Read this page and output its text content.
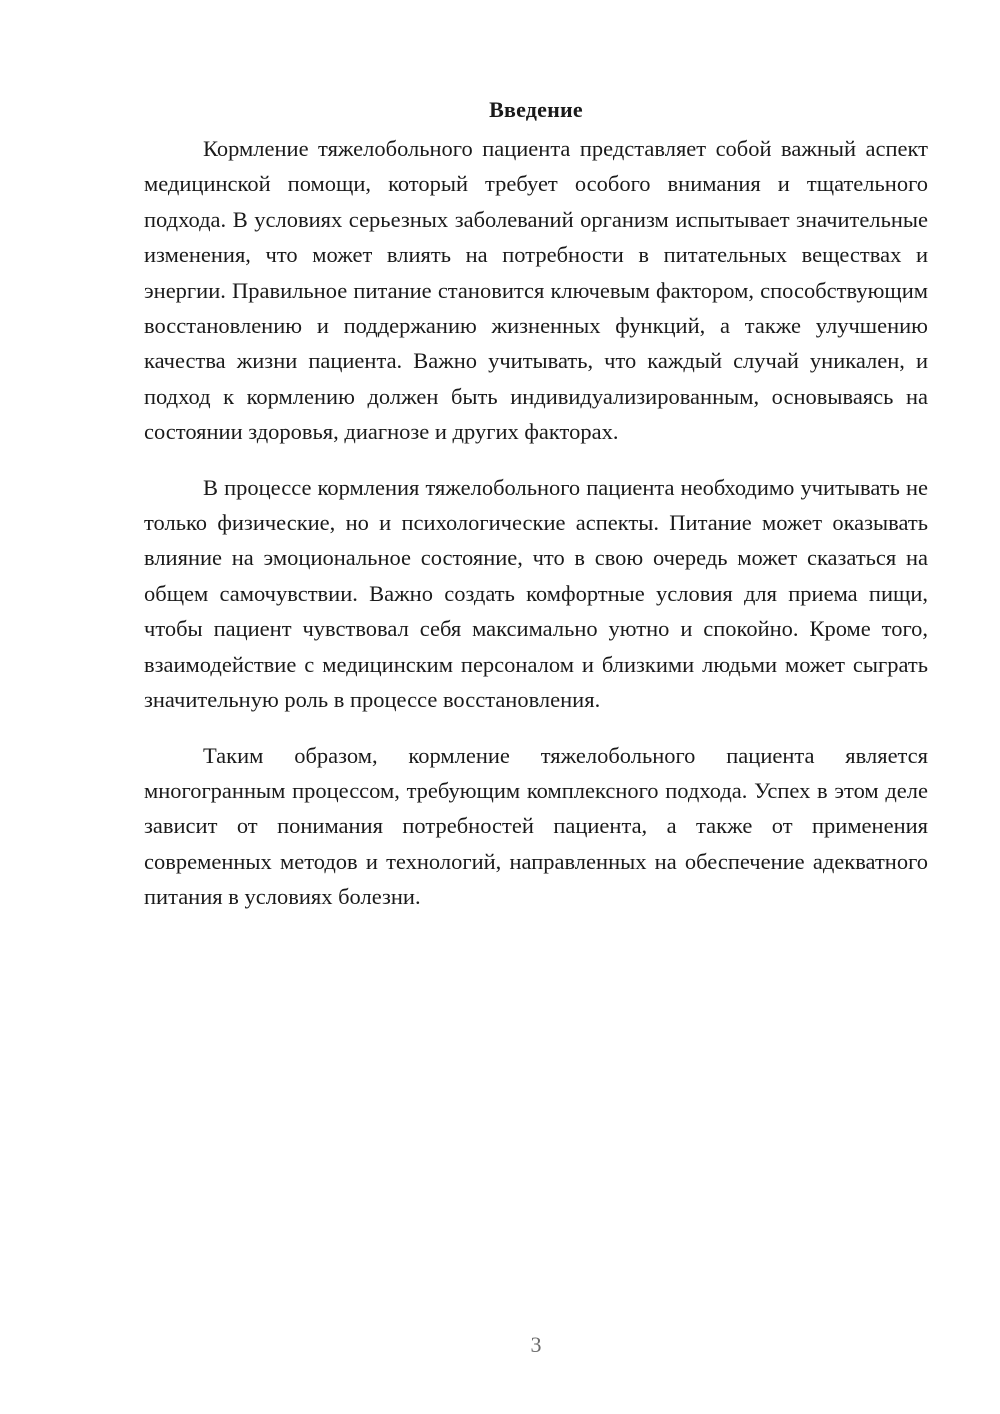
Введение

Кормление тяжелобольного пациента представляет собой важный аспект медицинской помощи, который требует особого внимания и тщательного подхода. В условиях серьезных заболеваний организм испытывает значительные изменения, что может влиять на потребности в питательных веществах и энергии. Правильное питание становится ключевым фактором, способствующим восстановлению и поддержанию жизненных функций, а также улучшению качества жизни пациента. Важно учитывать, что каждый случай уникален, и подход к кормлению должен быть индивидуализированным, основываясь на состоянии здоровья, диагнозе и других факторах.

В процессе кормления тяжелобольного пациента необходимо учитывать не только физические, но и психологические аспекты. Питание может оказывать влияние на эмоциональное состояние, что в свою очередь может сказаться на общем самочувствии. Важно создать комфортные условия для приема пищи, чтобы пациент чувствовал себя максимально уютно и спокойно. Кроме того, взаимодействие с медицинским персоналом и близкими людьми может сыграть значительную роль в процессе восстановления.

Таким образом, кормление тяжелобольного пациента является многогранным процессом, требующим комплексного подхода. Успех в этом деле зависит от понимания потребностей пациента, а также от применения современных методов и технологий, направленных на обеспечение адекватного питания в условиях болезни.

3
